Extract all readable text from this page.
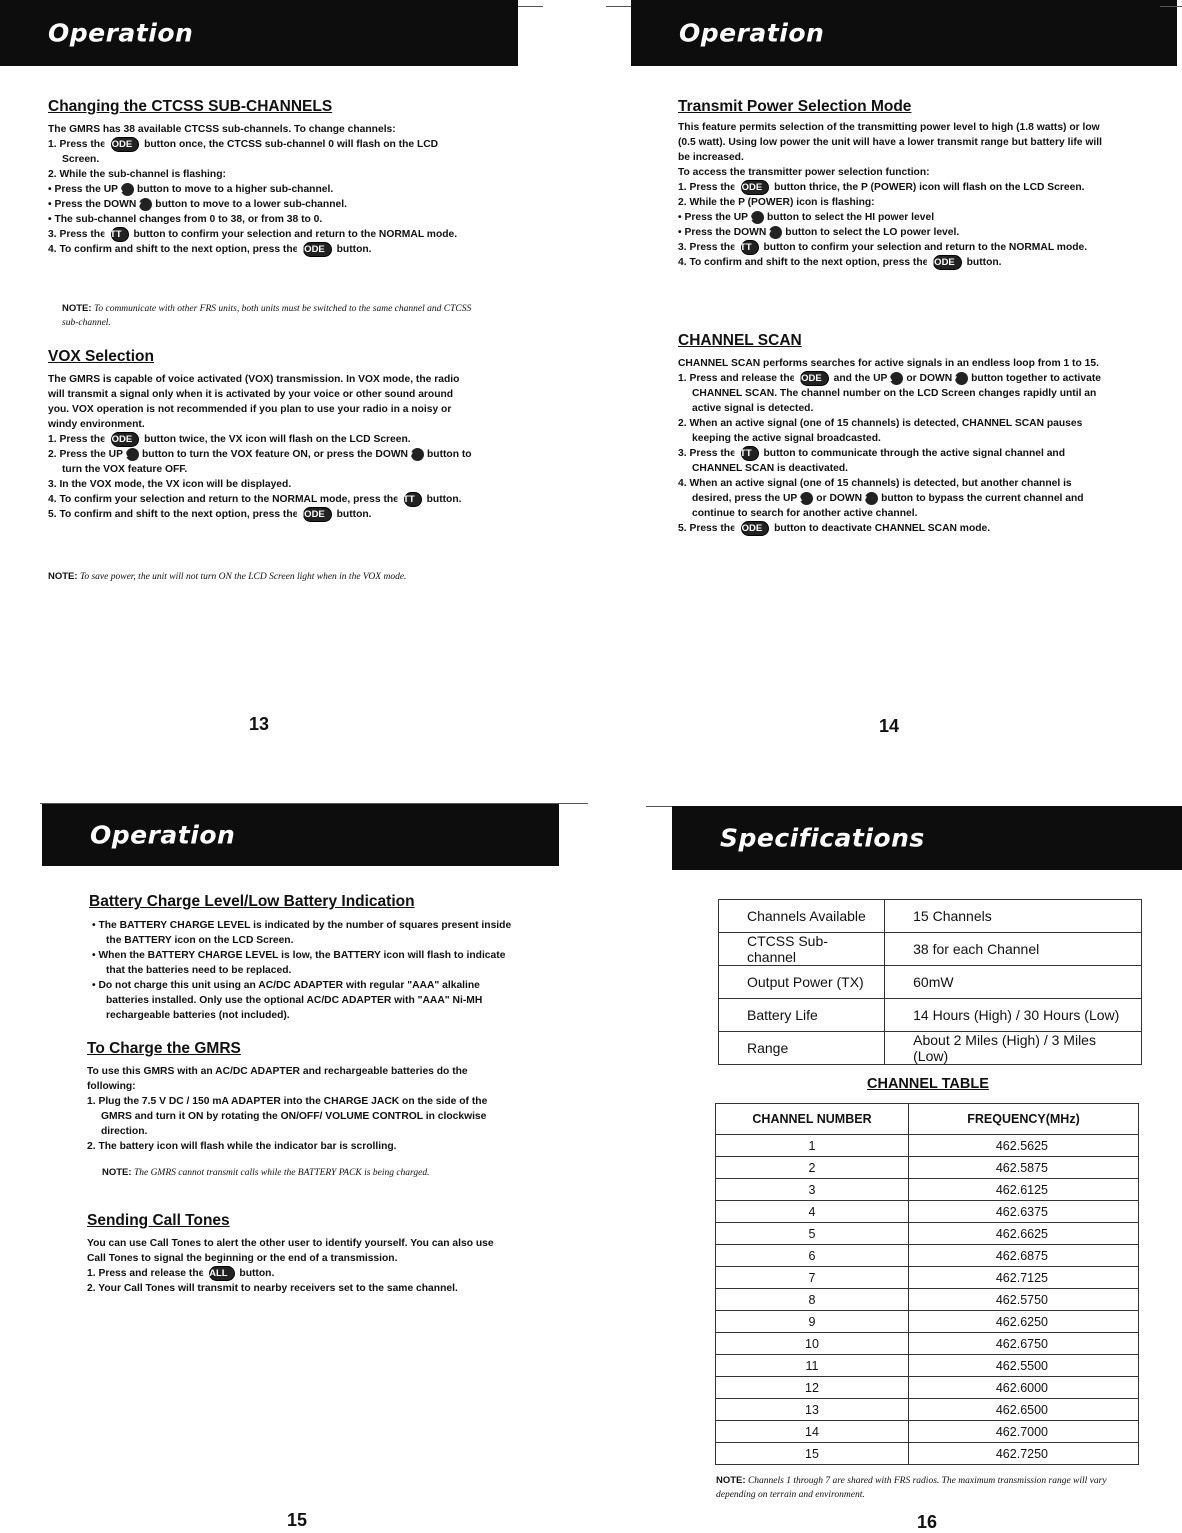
Operation
Changing the CTCSS SUB-CHANNELS
The GMRS has 38 available CTCSS sub-channels. To change channels:
1. Press the MODE button once, the CTCSS sub-channel 0 will flash on the LCD Screen.
2. While the sub-channel is flashing:
• Press the UP▲ button to move to a higher sub-channel.
• Press the DOWN▼ button to move to a lower sub-channel.
• The sub-channel changes from 0 to 38, or from 38 to 0.
3. Press the PTT button to confirm your selection and return to the NORMAL mode.
4. To confirm and shift to the next option, press the MODE button.
NOTE: To communicate with other FRS units, both units must be switched to the same channel and CTCSS sub-channel.
VOX Selection
The GMRS is capable of voice activated (VOX) transmission. In VOX mode, the radio will transmit a signal only when it is activated by your voice or other sound around you. VOX operation is not recommended if you plan to use your radio in a noisy or windy environment.
1. Press the MODE button twice, the VX icon will flash on the LCD Screen.
2. Press the UP▲ button to turn the VOX feature ON, or press the DOWN▼ button to turn the VOX feature OFF.
3. In the VOX mode, the VX icon will be displayed.
4. To confirm your selection and return to the NORMAL mode, press the PTT button.
5. To confirm and shift to the next option, press the MODE button.
NOTE: To save power, the unit will not turn ON the LCD Screen light when in the VOX mode.
13
Operation
Transmit Power Selection Mode
This feature permits selection of the transmitting power level to high (1.8 watts) or low (0.5 watt). Using low power the unit will have a lower transmit range but battery life will be increased.
To access the transmitter power selection function:
1. Press the MODE button thrice, the P (POWER) icon will flash on the LCD Screen.
2. While the P (POWER) icon is flashing:
• Press the UP▲ button to select the HI power level
• Press the DOWN▼ button to select the LO power level.
3. Press the PTT button to confirm your selection and return to the NORMAL mode.
4. To confirm and shift to the next option, press the MODE button.
CHANNEL SCAN
CHANNEL SCAN performs searches for active signals in an endless loop from 1 to 15.
1. Press and release the MODE and the UP▲ or DOWN▼ button together to activate CHANNEL SCAN. The channel number on the LCD Screen changes rapidly until an active signal is detected.
2. When an active signal (one of 15 channels) is detected, CHANNEL SCAN pauses keeping the active signal broadcasted.
3. Press the PTT button to communicate through the active signal channel and CHANNEL SCAN is deactivated.
4. When an active signal (one of 15 channels) is detected, but another channel is desired, press the UP▲ or DOWN▼ button to bypass the current channel and continue to search for another active channel.
5. Press the MODE button to deactivate CHANNEL SCAN mode.
14
Operation
Battery Charge Level/Low Battery Indication
• The BATTERY CHARGE LEVEL is indicated by the number of squares present inside the BATTERY icon on the LCD Screen.
• When the BATTERY CHARGE LEVEL is low, the BATTERY icon will flash to indicate that the batteries need to be replaced.
• Do not charge this unit using an AC/DC ADAPTER with regular "AAA" alkaline batteries installed. Only use the optional AC/DC ADAPTER with "AAA" Ni-MH rechargeable batteries (not included).
To Charge the GMRS
To use this GMRS with an AC/DC ADAPTER and rechargeable batteries do the following:
1. Plug the 7.5 V DC / 150 mA ADAPTER into the CHARGE JACK on the side of the GMRS and turn it ON by rotating the ON/OFF/ VOLUME CONTROL in clockwise direction.
2. The battery icon will flash while the indicator bar is scrolling.
NOTE: The GMRS cannot transmit calls while the BATTERY PACK is being charged.
Sending Call Tones
You can use Call Tones to alert the other user to identify yourself. You can also use Call Tones to signal the beginning or the end of a transmission.
1. Press and release the CALL button.
2. Your Call Tones will transmit to nearby receivers set to the same channel.
15
Specifications
Channels Available	15 Channels
CTCSS Sub-channel	38 for each Channel
Output Power (TX)	60mW
Battery Life	14 Hours (High) / 30 Hours (Low)
Range	About 2 Miles (High) / 3 Miles (Low)
CHANNEL TABLE
CHANNEL NUMBER	FREQUENCY(MHz)
1	462.5625
2	462.5875
3	462.6125
4	462.6375
5	462.6625
6	462.6875
7	462.7125
8	462.5750
9	462.6250
10	462.6750
11	462.5500
12	462.6000
13	462.6500
14	462.7000
15	462.7250
NOTE: Channels 1 through 7 are shared with FRS radios. The maximum transmission range will vary depending on terrain and environment.
16
